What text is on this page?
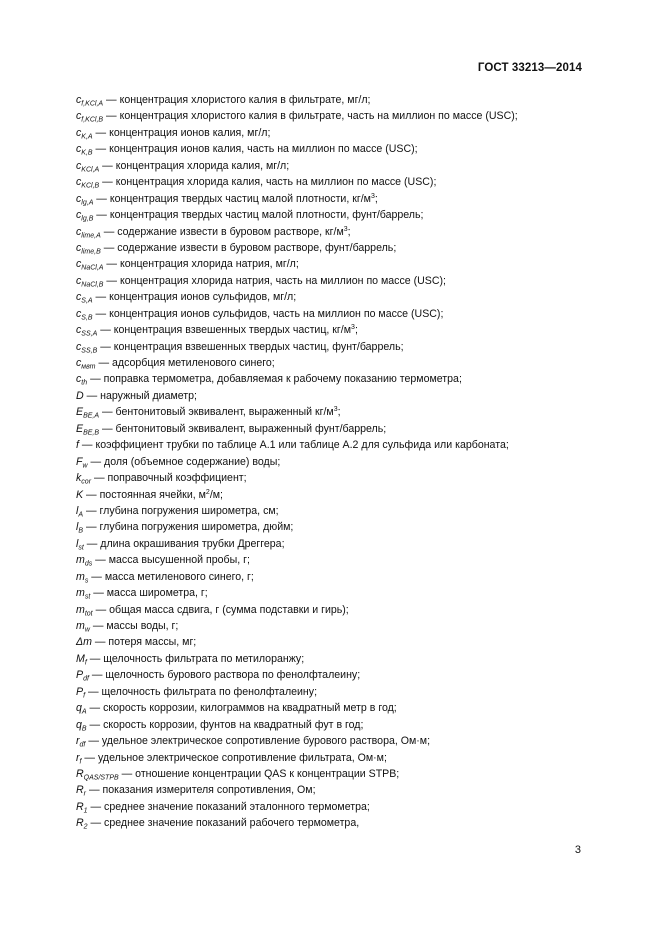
ГОСТ 33213—2014
$c_{f,KCl,A}$ — концентрация хлористого калия в фильтрате, мг/л;
$c_{f,KCl,B}$ — концентрация хлористого калия в фильтрате, часть на миллион по массе (USC);
$c_{K,A}$ — концентрация ионов калия, мг/л;
$c_{K,B}$ — концентрация ионов калия, часть на миллион по массе (USC);
$c_{KCl,A}$ — концентрация хлорида калия, мг/л;
$c_{KCl,B}$ — концентрация хлорида калия, часть на миллион по массе (USC);
$c_{lg,A}$ — концентрация твердых частиц малой плотности, $кг/м^3$;
$c_{lg,B}$ — концентрация твердых частиц малой плотности, фунт/баррель;
$c_{lime,A}$ — содержание извести в буровом растворе, $кг/м^3$;
$c_{lime,B}$ — содержание извести в буровом растворе, фунт/баррель;
$c_{NaCl,A}$ — концентрация хлорида натрия, мг/л;
$c_{NaCl,B}$ — концентрация хлорида натрия, часть на миллион по массе (USC);
$c_{S,A}$ — концентрация ионов сульфидов, мг/л;
$c_{S,B}$ — концентрация ионов сульфидов, часть на миллион по массе (USC);
$c_{SS,A}$ — концентрация взвешенных твердых частиц, $кг/м^3$;
$c_{SS,B}$ — концентрация взвешенных твердых частиц, фунт/баррель;
$c_{мвт}$ — адсорбция метиленового синего;
$c_{th}$ — поправка термометра, добавляемая к рабочему показанию термометра;
D — наружный диаметр;
$E_{BE,A}$ — бентонитовый эквивалент, выраженный $кг/м^3$;
$E_{BE,B}$ — бентонитовый эквивалент, выраженный фунт/баррель;
f — коэффициент трубки по таблице А.1 или таблице А.2 для сульфида или карбоната;
$F_w$ — доля (объемное содержание) воды;
$k_{cor}$ — поправочный коэффициент;
K — постоянная ячейки, $м^2/м$;
$l_A$ — глубина погружения широметра, см;
$l_B$ — глубина погружения широметра, дюйм;
$l_{st}$ — длина окрашивания трубки Дреггера;
$m_{ds}$ — масса высушенной пробы, г;
$m_s$ — масса метиленового синего, г;
$m_{st}$ — масса широметра, г;
$m_{tot}$ — общая масса сдвига, г (сумма подставки и гирь);
$m_w$ — массы воды, г;
Δm — потеря массы, мг;
$M_f$ — щелочность фильтрата по метилоранжу;
$P_{df}$ — щелочность бурового раствора по фенолфталеину;
$P_f$ — щелочность фильтрата по фенолфталеину;
$q_A$ — скорость коррозии, килограммов на квадратный метр в год;
$q_B$ — скорость коррозии, фунтов на квадратный фут в год;
$r_{df}$ — удельное электрическое сопротивление бурового раствора, Ом·м;
$r_f$ — удельное электрическое сопротивление фильтрата, Ом·м;
$R_{QAS/STPB}$ — отношение концентрации QAS к концентрации STPB;
$R_r$ — показания измерителя сопротивления, Ом;
$R_1$ — среднее значение показаний эталонного термометра;
$R_2$ — среднее значение показаний рабочего термометра,
3
